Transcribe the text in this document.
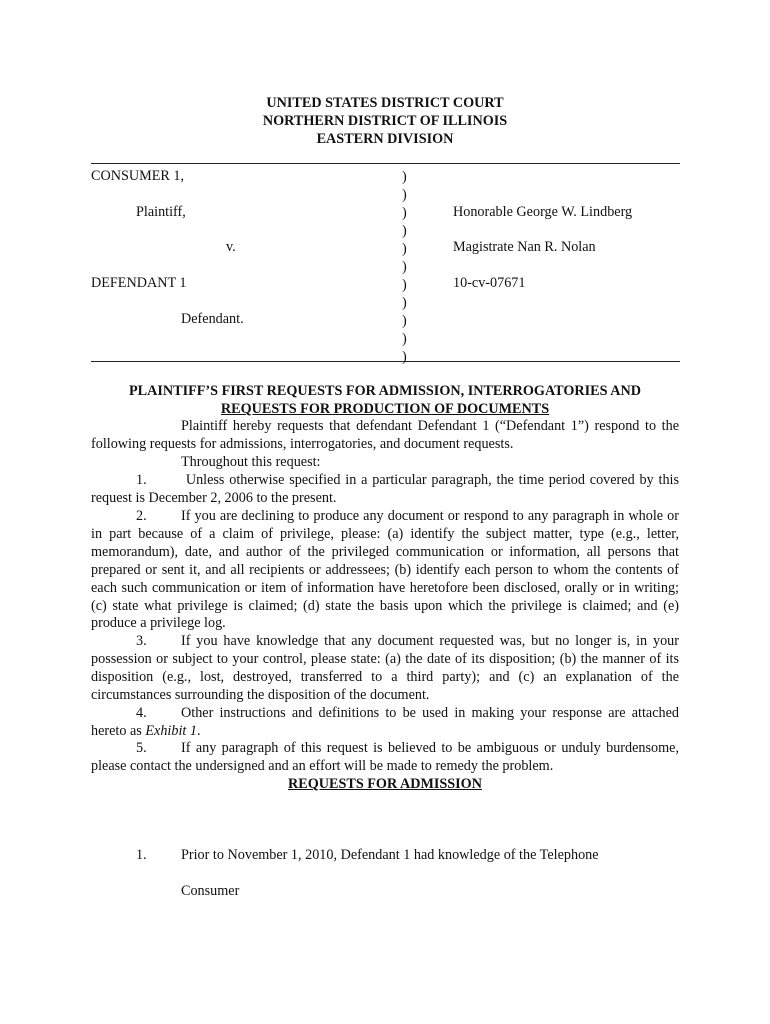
UNITED STATES DISTRICT COURT
NORTHERN DISTRICT OF ILLINOIS
EASTERN DIVISION
CONSUMER 1,
Plaintiff,
v.
DEFENDANT 1
Defendant.
)
)
)
)
)
)
)
)
)
)
)
Honorable George W. Lindberg
Magistrate Nan R. Nolan
10-cv-07671
PLAINTIFF’S FIRST REQUESTS FOR ADMISSION, INTERROGATORIES AND
REQUESTS FOR PRODUCTION OF DOCUMENTS
Plaintiff hereby requests that defendant Defendant 1 (“Defendant 1”) respond to the following requests for admissions, interrogatories, and document requests.
Throughout this request:
1. Unless otherwise specified in a particular paragraph, the time period covered by this request is December 2, 2006 to the present.
2. If you are declining to produce any document or respond to any paragraph in whole or in part because of a claim of privilege, please: (a) identify the subject matter, type (e.g., letter, memorandum), date, and author of the privileged communication or information, all persons that prepared or sent it, and all recipients or addressees; (b) identify each person to whom the contents of each such communication or item of information have heretofore been disclosed, orally or in writing; (c) state what privilege is claimed; (d) state the basis upon which the privilege is claimed; and (e) produce a privilege log.
3. If you have knowledge that any document requested was, but no longer is, in your possession or subject to your control, please state: (a) the date of its disposition; (b) the manner of its disposition (e.g., lost, destroyed, transferred to a third party); and (c) an explanation of the circumstances surrounding the disposition of the document.
4. Other instructions and definitions to be used in making your response are attached hereto as Exhibit 1.
5. If any paragraph of this request is believed to be ambiguous or unduly burdensome, please contact the undersigned and an effort will be made to remedy the problem.
REQUESTS FOR ADMISSION
1. Prior to November 1, 2010, Defendant 1 had knowledge of the Telephone
Consumer
